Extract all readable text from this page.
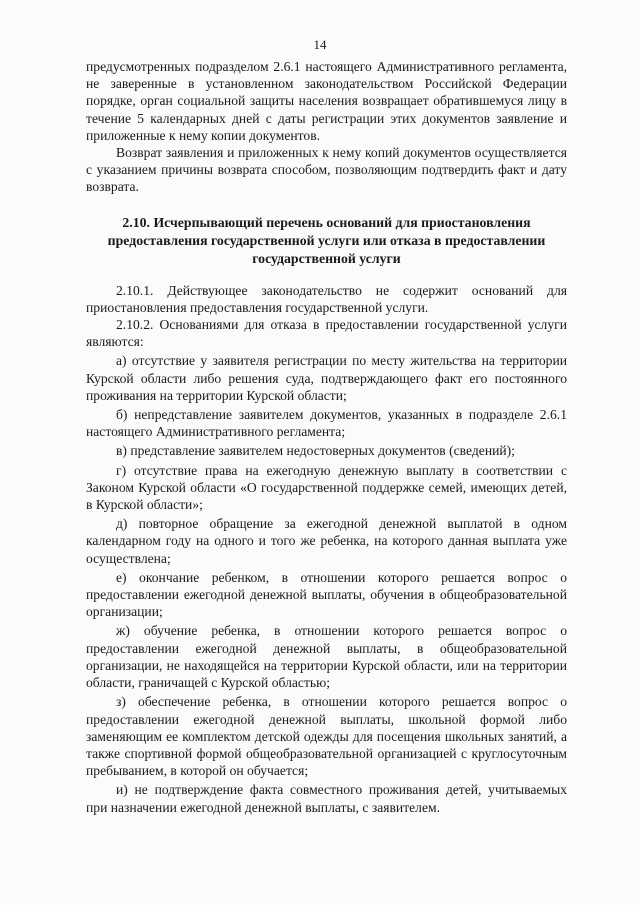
14

предусмотренных подразделом 2.6.1 настоящего Административного регламента, не заверенные в установленном законодательством Российской Федерации порядке, орган социальной защиты населения возвращает обратившемуся лицу в течение 5 календарных дней с даты регистрации этих документов заявление и приложенные к нему копии документов.

Возврат заявления и приложенных к нему копий документов осуществляется с указанием причины возврата способом, позволяющим подтвердить факт и дату возврата.

2.10. Исчерпывающий перечень оснований для приостановления предоставления государственной услуги или отказа в предоставлении государственной услуги

2.10.1. Действующее законодательство не содержит оснований для приостановления предоставления государственной услуги.

2.10.2. Основаниями для отказа в предоставлении государственной услуги являются:

а) отсутствие у заявителя регистрации по месту жительства на территории Курской области либо решения суда, подтверждающего факт его постоянного проживания на территории Курской области;

б) непредставление заявителем документов, указанных в подразделе 2.6.1 настоящего Административного регламента;

в) представление заявителем недостоверных документов (сведений);

г) отсутствие права на ежегодную денежную выплату в соответствии с Законом Курской области «О государственной поддержке семей, имеющих детей, в Курской области»;

д) повторное обращение за ежегодной денежной выплатой в одном календарном году на одного и того же ребенка, на которого данная выплата уже осуществлена;

е) окончание ребенком, в отношении которого решается вопрос о предоставлении ежегодной денежной выплаты, обучения в общеобразовательной организации;

ж) обучение ребенка, в отношении которого решается вопрос о предоставлении ежегодной денежной выплаты, в общеобразовательной организации, не находящейся на территории Курской области, или на территории области, граничащей с Курской областью;

з) обеспечение ребенка, в отношении которого решается вопрос о предоставлении ежегодной денежной выплаты, школьной формой либо заменяющим ее комплектом детской одежды для посещения школьных занятий, а также спортивной формой общеобразовательной организацией с круглосуточным пребыванием, в которой он обучается;

и) не подтверждение факта совместного проживания детей, учитываемых при назначении ежегодной денежной выплаты, с заявителем.
